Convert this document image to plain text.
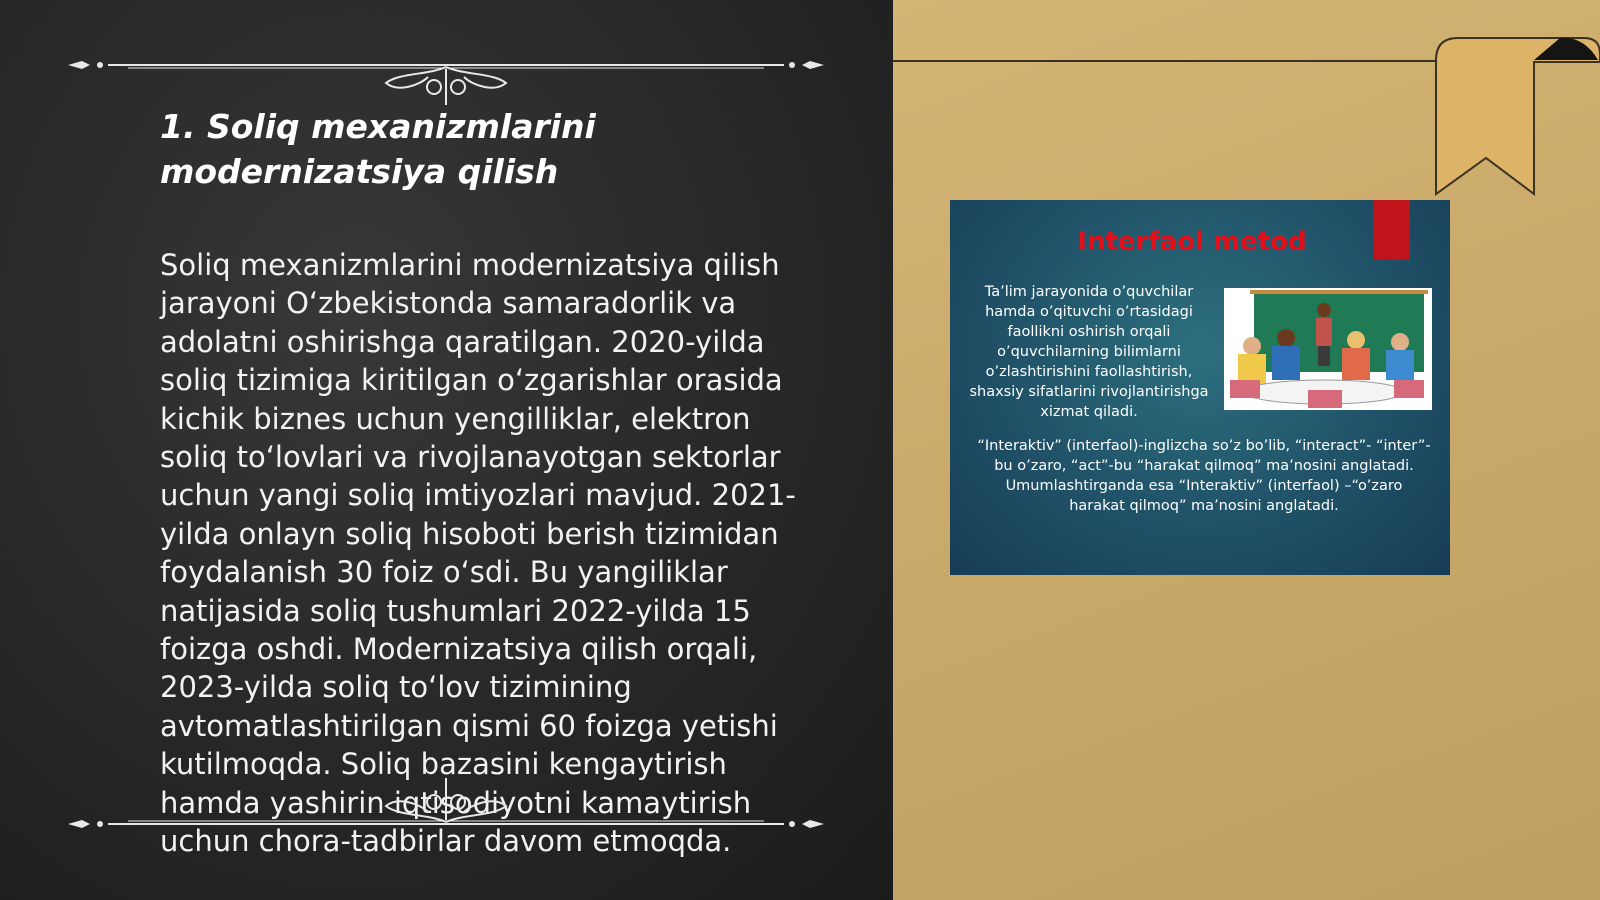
1. Soliq mexanizmlarini modernizatsiya qilish
Soliq mexanizmlarini modernizatsiya qilish jarayoni O‘zbekistonda samaradorlik va adolatni oshirishga qaratilgan. 2020-yilda soliq tizimiga kiritilgan o‘zgarishlar orasida kichik biznes uchun yengilliklar, elektron soliq to‘lovlari va rivojlanayotgan sektorlar uchun yangi soliq imtiyozlari mavjud. 2021-yilda onlayn soliq hisoboti berish tizimidan foydalanish 30 foiz o‘sdi. Bu yangiliklar natijasida soliq tushumlari 2022-yilda 15 foizga oshdi. Modernizatsiya qilish orqali, 2023-yilda soliq to‘lov tizimining avtomatlashtirilgan qismi 60 foizga yetishi kutilmoqda. Soliq bazasini kengaytirish hamda yashirin iqtisodiyotni kamaytirish uchun chora-tadbirlar davom etmoqda.
Interfaol metod
Ta’lim jarayonida o’quvchilar hamda o’qituvchi o’rtasidagi faollikni oshirish orqali o’quvchilarning bilimlarni o’zlashtirishini faollashtirish, shaxsiy sifatlarini rivojlantirishga xizmat qiladi.
“Interaktiv” (interfaol)-inglizcha so’z bo’lib, “interact”- “inter”-bu o’zaro, “act”-bu “harakat qilmoq” ma’nosini anglatadi. Umumlashtirganda esa “Interaktiv” (interfaol) –“o’zaro harakat qilmoq” ma’nosini anglatadi.
